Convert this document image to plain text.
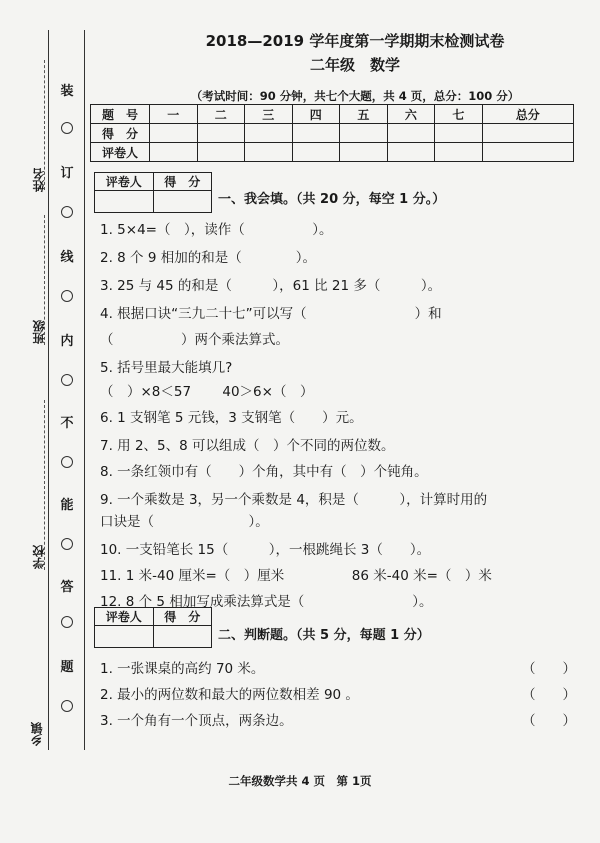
装
订
线
内
不
能
答
题
姓名
班级
学校
乡镇
2018—2019 学年度第一学期期末检测试卷
二年级　数学
（考试时间：90 分钟，共七个大题，共 4 页，总分：100 分）
题　号	一	二	三	四	五	六	七	总分
得　分								
评卷人								
评卷人	得　分

一、我会填。（共 20 分，每空 1 分。）
1. 5×4=（　），读作（　　　　　）。
2. 8 个 9 相加的和是（　　　　）。
3. 25 与 45 的和是（　　　），61 比 21 多（　　　）。
4. 根据口诀“三九二十七”可以写（　　　　　　　　）和
（　　　　　）两个乘法算式。
5. 括号里最大能填几?
（　）×8＜57　　 40＞6×（　）
6. 1 支钢笔 5 元钱，3 支钢笔（　　）元。
7. 用 2、5、8 可以组成（　）个不同的两位数。
8. 一条红领巾有（　　）个角，其中有（　）个钝角。
9. 一个乘数是 3，另一个乘数是 4，积是（　　　），计算时用的
口诀是（　　　　　　　）。
10. 一支铅笔长 15（　　　），一根跳绳长 3（　　）。
11. 1 米-40 厘米=（　）厘米　　　　　86 米-40 米=（　）米
12. 8 个 5 相加写成乘法算式是（　　　　　　　　）。
评卷人	得　分

二、判断题。（共 5 分，每题 1 分）
1. 一张课桌的高约 70 米。	（　　）
2. 最小的两位数和最大的两位数相差 90 。	（　　）
3. 一个角有一个顶点，两条边。	（　　）
二年级数学共 4 页　第 1页
